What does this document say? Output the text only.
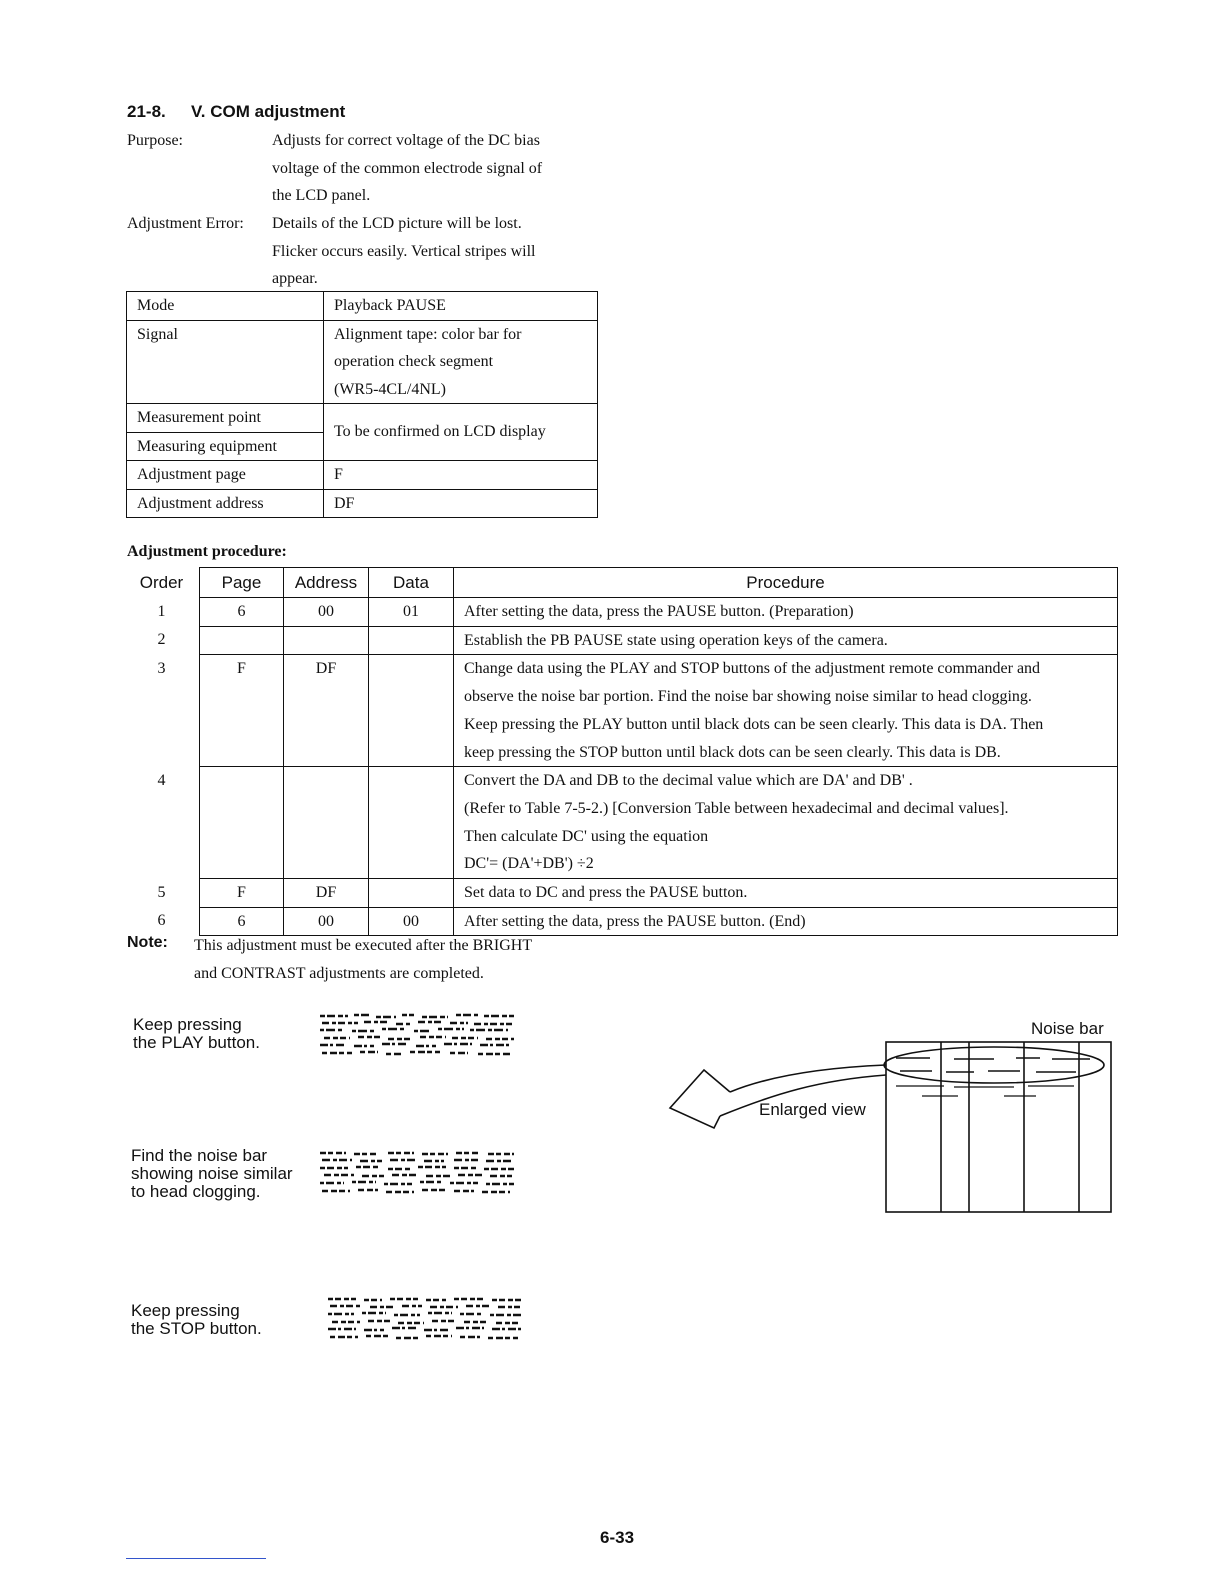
21-8. V. COM adjustment
Purpose:	Adjusts for correct voltage of the DC bias
voltage of the common electrode signal of
the LCD panel.
Adjustment Error: Details of the LCD picture will be lost.
Flicker occurs easily. Vertical stripes will
appear.
Mode	Playback PAUSE
Signal	Alignment tape: color bar for
operation check segment
(WR5-4CL/4NL)

Measurement point	To be confirmed on LCD display
Measuring equipment	
Adjustment page	F
Adjustment address	DF
Adjustment procedure:
Order	Page	Address	Data	Procedure
1	6	00	01	After setting the data, press the PAUSE button. (Preparation)

2				Establish the PB PAUSE state using operation keys of the camera.

3	F	DF		Change data using the PLAY and STOP buttons of the adjustment remote commander and
observe the noise bar portion. Find the noise bar showing noise similar to head clogging.
Keep pressing the PLAY button until black dots can be seen clearly. This data is DA. Then
keep pressing the STOP button until black dots can be seen clearly. This data is DB.

4				Convert the DA and DB to the decimal value which are DA' and DB' .
(Refer to Table 7-5-2.) [Conversion Table between hexadecimal and decimal values].
Then calculate DC' using the equation
DC'= (DA'+DB') ÷2

5	F	DF		Set data to DC and press the PAUSE button.

6	6	00	00	After setting the data, press the PAUSE button. (End)
Note: This adjustment must be executed after the BRIGHT
and CONTRAST adjustments are completed.
Keep pressing
the PLAY button.
Find the noise bar
showing noise similar
to head clogging.
Keep pressing
the STOP button.
Noise bar
Enlarged view
6-33
